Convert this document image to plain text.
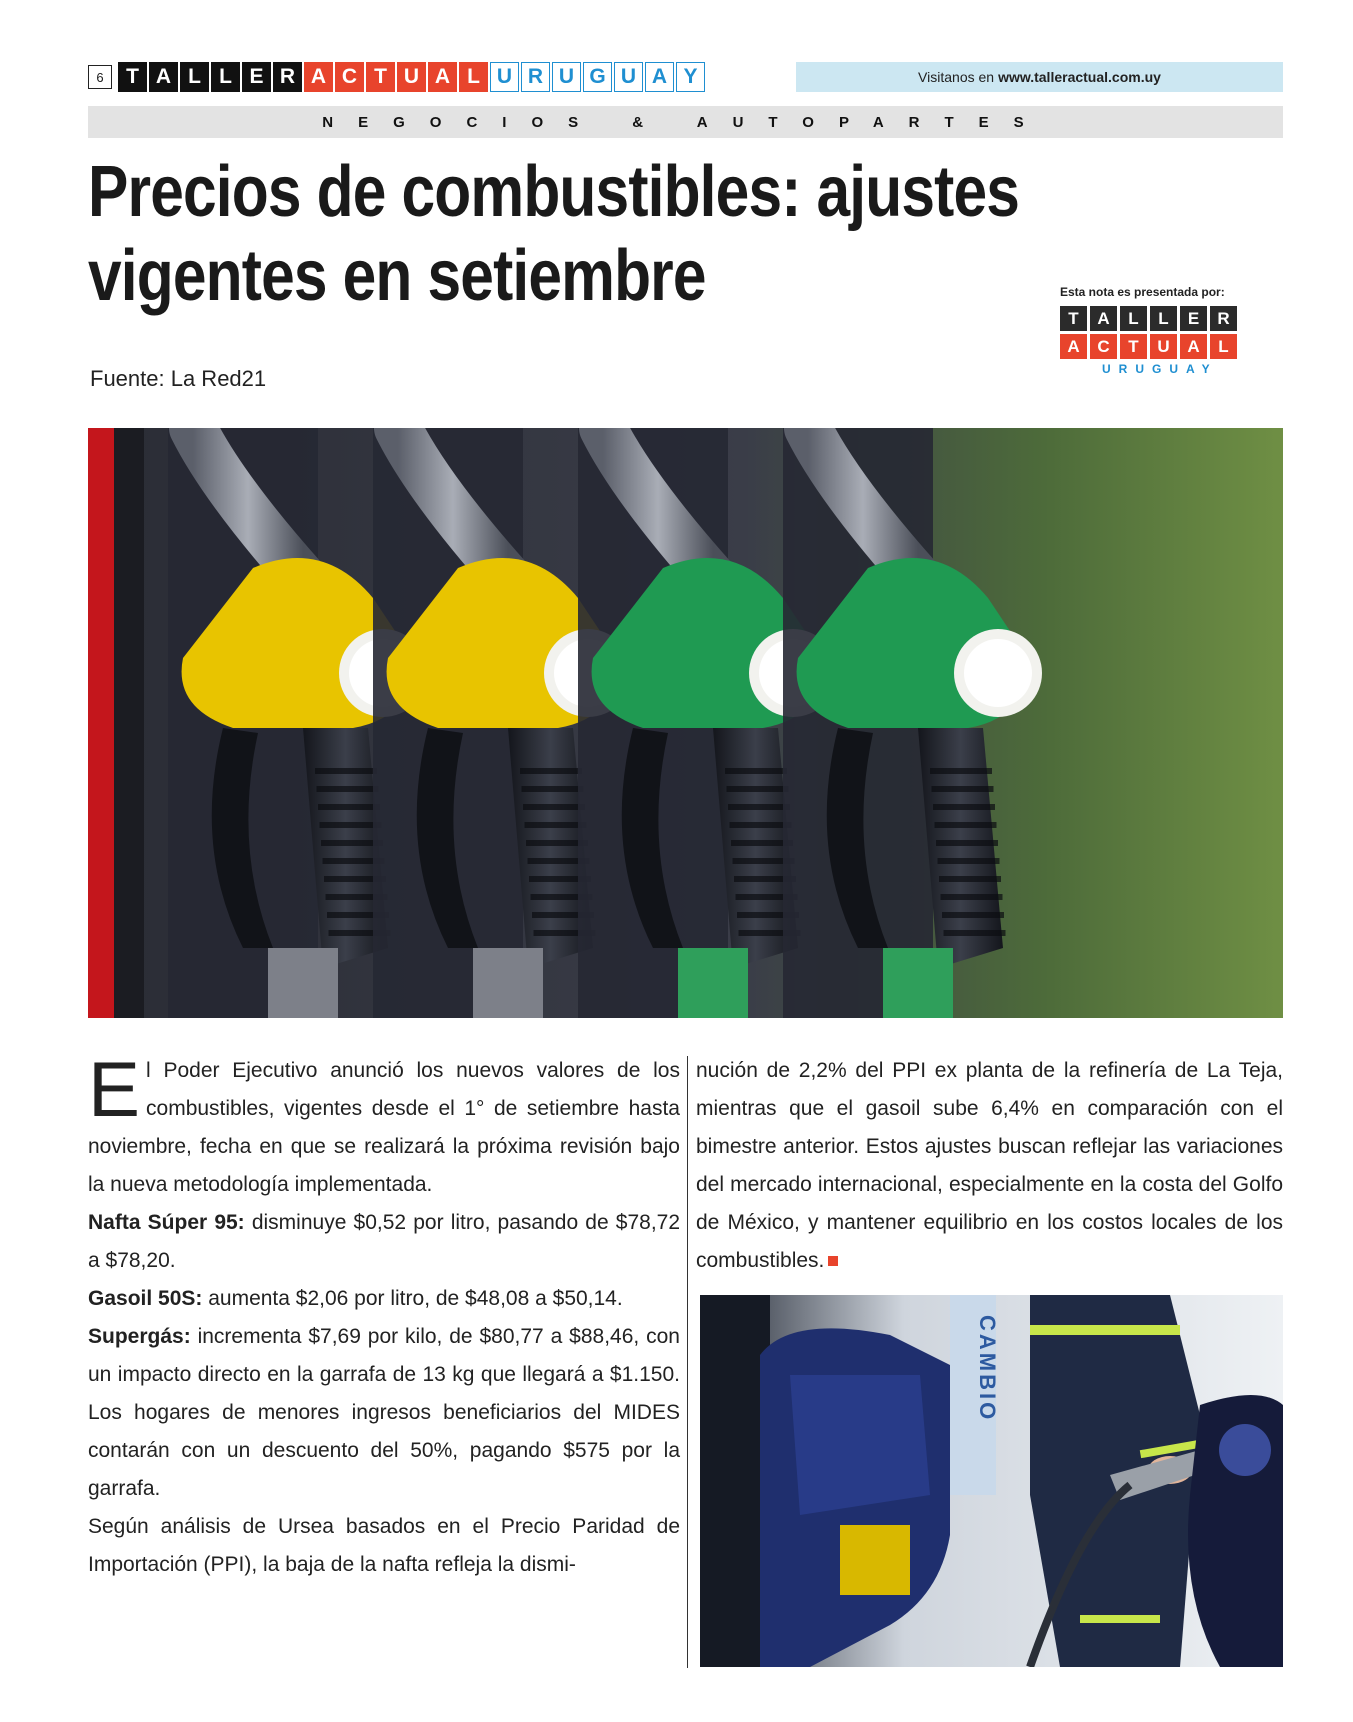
6	T A L L E R A C T U A L U R U G U A Y	Visitanos en www.talleractual.com.uy
NEGOCIOS & AUTOPARTES
Precios de combustibles: ajustes
vigentes en setiembre	Esta nota es presentada por:
T	A	L	L	E	R
A	C	T	U	A	L
URUGUAY
Fuente: La Red21
E l Poder Ejecutivo anunció los nuevos valores de los combustibles, vigentes desde el 1° de setiembre hasta noviembre, fecha en que se realizará la próxima revisión bajo la nueva metodología implementada.
Nafta Súper 95: disminuye $0,52 por litro, pasando de $78,72 a $78,20.
Gasoil 50S: aumenta $2,06 por litro, de $48,08 a $50,14.
Supergás: incrementa $7,69 por kilo, de $80,77 a $88,46, con un impacto directo en la garrafa de 13 kg que llegará a $1.150. Los hogares de menores ingresos beneficiarios del MIDES contarán con un descuento del 50%, pagando $575 por la garrafa.
Según análisis de Ursea basados en el Precio Paridad de Importación (PPI), la baja de la nafta refleja la dismi-
nución de 2,2% del PPI ex planta de la refinería de La Teja, mientras que el gasoil sube 6,4% en comparación con el bimestre anterior. Estos ajustes buscan reflejar las variaciones del mercado internacional, especialmente en la costa del Golfo de México, y mantener equilibrio en los costos locales de los combustibles.
CAMBIO
